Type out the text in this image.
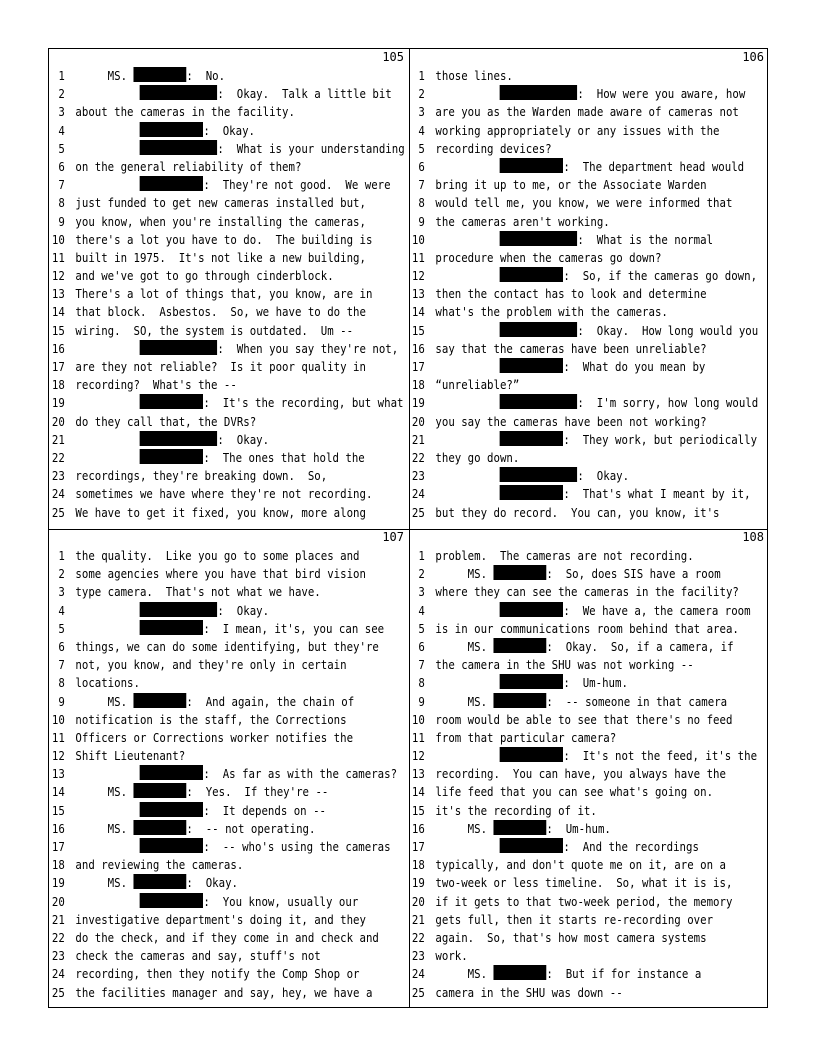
105
1     MS.	:  No.
2	:  Okay.  Talk a little bit
3 about the cameras in the facility.
4	:  Okay.
5	:  What is your understanding
6 on the general reliability of them?
7	:  They're not good.  We were
8 just funded to get new cameras installed but,
9 you know, when you're installing the cameras,
10 there's a lot you have to do.  The building is
11 built in 1975.  It's not like a new building,
12 and we've got to go through cinderblock.
13 There's a lot of things that, you know, are in
14 that block.  Asbestos.  So, we have to do the
15 wiring.  SO, the system is outdated.  Um --
16	:  When you say they're not,
17 are they not reliable?  Is it poor quality in
18 recording?  What's the --
19	:  It's the recording, but what
20 do they call that, the DVRs?
21	:  Okay.
22	:  The ones that hold the
23 recordings, they're breaking down.  So,
24 sometimes we have where they're not recording.
25 We have to get it fixed, you know, more along
106
1 those lines.
2	:  How were you aware, how
3 are you as the Warden made aware of cameras not
4 working appropriately or any issues with the
5 recording devices?
6	:  The department head would
7 bring it up to me, or the Associate Warden
8 would tell me, you know, we were informed that
9 the cameras aren't working.
10	:  What is the normal
11 procedure when the cameras go down?
12	:  So, if the cameras go down,
13 then the contact has to look and determine
14 what's the problem with the cameras.
15	:  Okay.  How long would you
16 say that the cameras have been unreliable?
17	:  What do you mean by
18 “unreliable?”
19	:  I'm sorry, how long would
20 you say the cameras have been not working?
21	:  They work, but periodically
22 they go down.
23	:  Okay.
24	:  That's what I meant by it,
25 but they do record.  You can, you know, it's
107
1 the quality.  Like you go to some places and
2 some agencies where you have that bird vision
3 type camera.  That's not what we have.
4	:  Okay.
5	:  I mean, it's, you can see
6 things, we can do some identifying, but they're
7 not, you know, and they're only in certain
8 locations.
9     MS.	:  And again, the chain of
10 notification is the staff, the Corrections
11 Officers or Corrections worker notifies the
12 Shift Lieutenant?
13	:  As far as with the cameras?
14     MS.	:  Yes.  If they're --
15	:  It depends on --
16     MS.	:  -- not operating.
17	:  -- who's using the cameras
18 and reviewing the cameras.
19     MS.	:  Okay.
20	:  You know, usually our
21 investigative department's doing it, and they
22 do the check, and if they come in and check and
23 check the cameras and say, stuff's not
24 recording, then they notify the Comp Shop or
25 the facilities manager and say, hey, we have a
108
1 problem.  The cameras are not recording.
2     MS.	:  So, does SIS have a room
3 where they can see the cameras in the facility?
4	:  We have a, the camera room
5 is in our communications room behind that area.
6     MS.	:  Okay.  So, if a camera, if
7 the camera in the SHU was not working --
8	:  Um-hum.
9     MS.	:  -- someone in that camera
10 room would be able to see that there's no feed
11 from that particular camera?
12	:  It's not the feed, it's the
13 recording.  You can have, you always have the
14 life feed that you can see what's going on.
15 it's the recording of it.
16     MS.	:  Um-hum.
17	:  And the recordings
18 typically, and don't quote me on it, are on a
19 two-week or less timeline.  So, what it is is,
20 if it gets to that two-week period, the memory
21 gets full, then it starts re-recording over
22 again.  So, that's how most camera systems
23 work.
24     MS.	:  But if for instance a
25 camera in the SHU was down --
